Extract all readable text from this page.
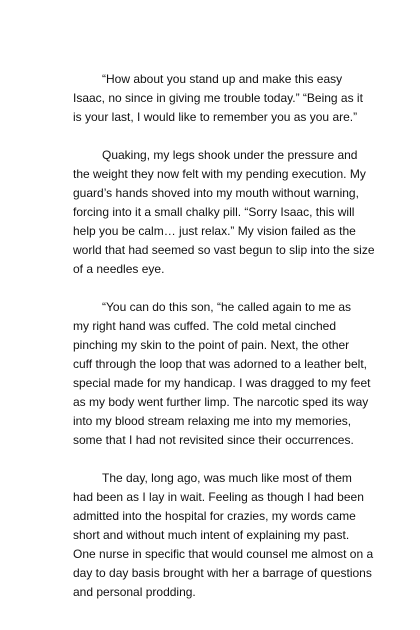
“How about you stand up and make this easy
Isaac, no since in giving me trouble today.” “Being as it
is your last, I would like to remember you as you are.”
Quaking, my legs shook under the pressure and
the weight they now felt with my pending execution. My
guard’s hands shoved into my mouth without warning,
forcing into it a small chalky pill. “Sorry Isaac, this will
help you be calm… just relax.” My vision failed as the
world that had seemed so vast begun to slip into the size
of a needles eye.
“You can do this son, “he called again to me as
my right hand was cuffed. The cold metal cinched
pinching my skin to the point of pain. Next, the other
cuff through the loop that was adorned to a leather belt,
special made for my handicap. I was dragged to my feet
as my body went further limp. The narcotic sped its way
into my blood stream relaxing me into my memories,
some that I had not revisited since their occurrences.
The day, long ago, was much like most of them
had been as I lay in wait. Feeling as though I had been
admitted into the hospital for crazies, my words came
short and without much intent of explaining my past.
One nurse in specific that would counsel me almost on a
day to day basis brought with her a barrage of questions
and personal prodding.
